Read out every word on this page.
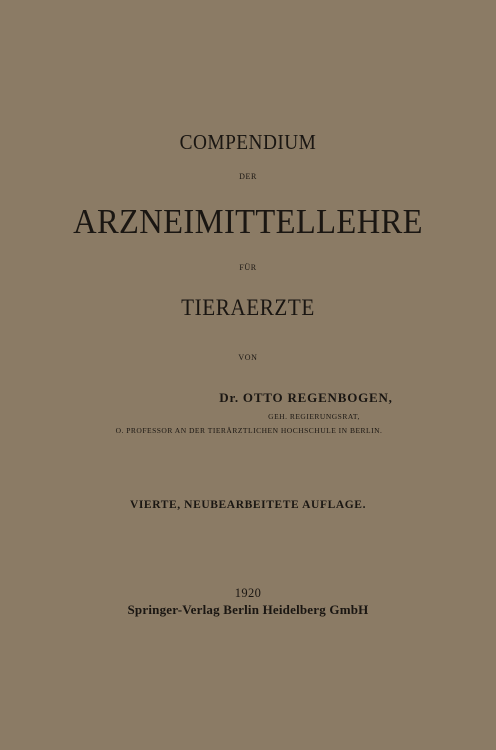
COMPENDIUM
DER
ARZNEIMITTELLEHRE
FÜR
TIERAERZTE
VON
Dr. OTTO REGENBOGEN,
GEH. REGIERUNGSRAT,
O. PROFESSOR AN DER TIERÄRZTLICHEN HOCHSCHULE IN BERLIN.
VIERTE, NEUBEARBEITETE AUFLAGE.
1920
Springer-Verlag Berlin Heidelberg GmbH
